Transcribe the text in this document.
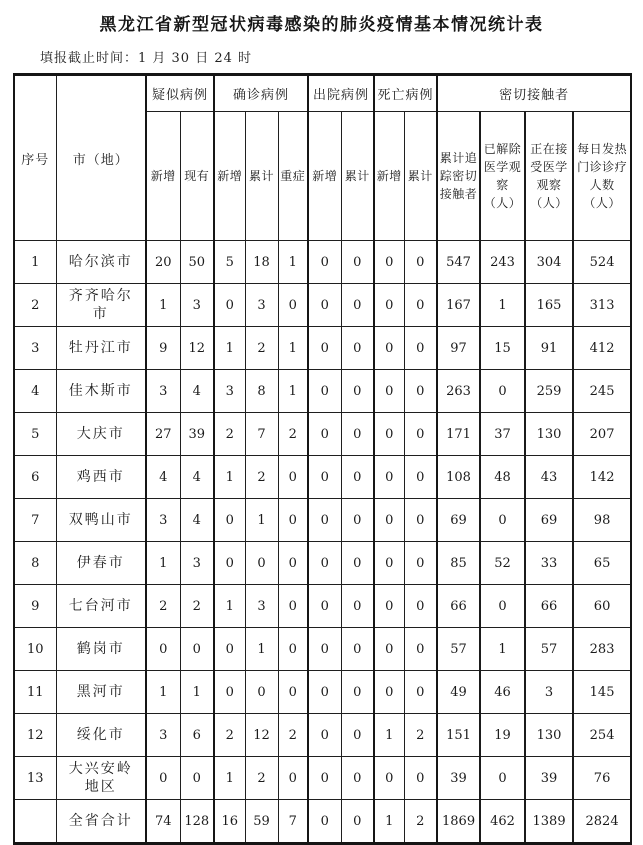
黑龙江省新型冠状病毒感染的肺炎疫情基本情况统计表
填报截止时间：1 月 30 日 24 时
序号	市（地）	疑似病例		确诊病例			出院病例		死亡病例		密切接触者			
		新增	现有	新增	累计	重症	新增	累计	新增	累计	累计追踪密切接触者	已解除医学观察（人）	正在接受医学观察（人）	每日发热门诊诊疗人数（人）
1	哈尔滨市	20	50	5	18	1	0	0	0	0	547	243	304	524
2	齐齐哈尔市	1	3	0	3	0	0	0	0	0	167	1	165	313
3	牡丹江市	9	12	1	2	1	0	0	0	0	97	15	91	412
4	佳木斯市	3	4	3	8	1	0	0	0	0	263	0	259	245
5	大庆市	27	39	2	7	2	0	0	0	0	171	37	130	207
6	鸡西市	4	4	1	2	0	0	0	0	0	108	48	43	142
7	双鸭山市	3	4	0	1	0	0	0	0	0	69	0	69	98
8	伊春市	1	3	0	0	0	0	0	0	0	85	52	33	65
9	七台河市	2	2	1	3	0	0	0	0	0	66	0	66	60
10	鹤岗市	0	0	0	1	0	0	0	0	0	57	1	57	283
11	黑河市	1	1	0	0	0	0	0	0	0	49	46	3	145
12	绥化市	3	6	2	12	2	0	0	1	2	151	19	130	254
13	大兴安岭地区	0	0	1	2	0	0	0	0	0	39	0	39	76
	全省合计	74	128	16	59	7	0	0	1	2	1869	462	1389	2824
